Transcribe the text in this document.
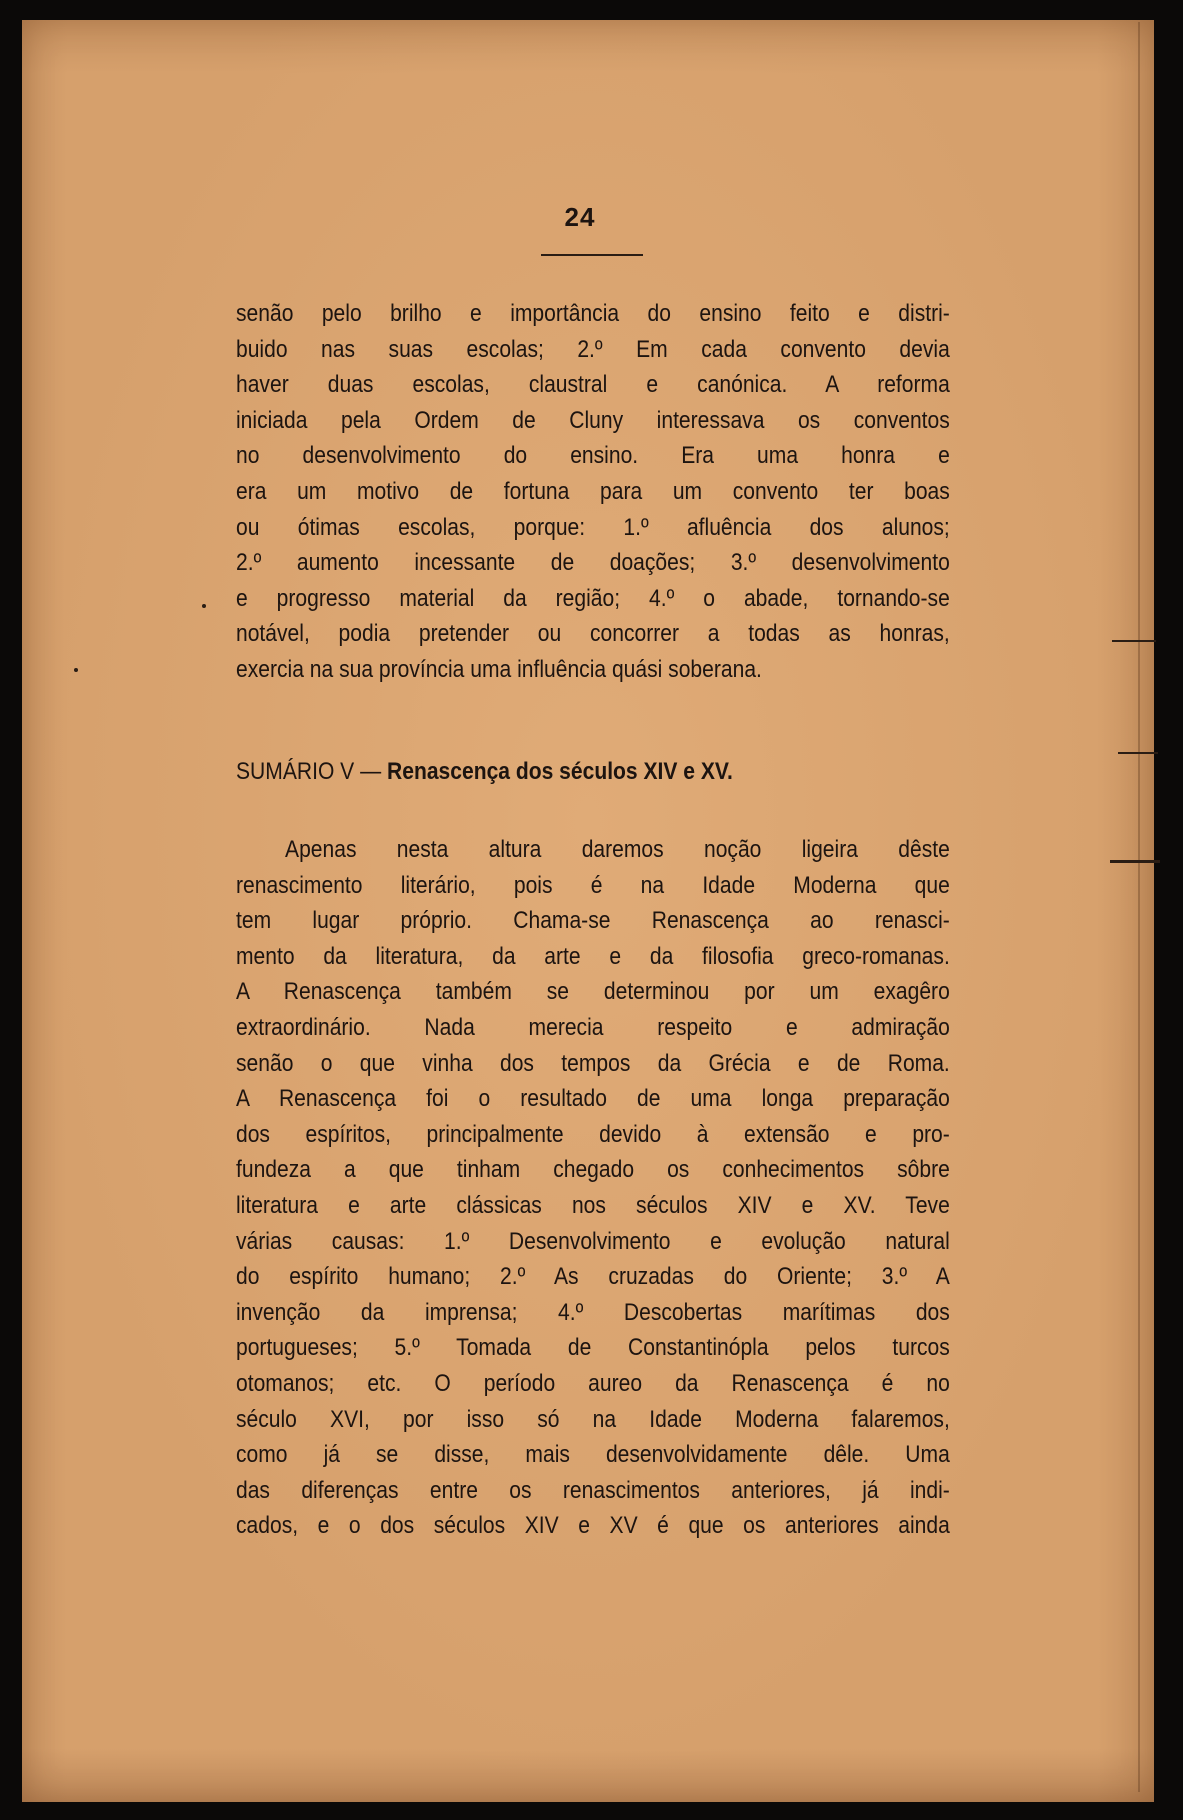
24
senão pelo brilho e importância do ensino feito e distri-
buido nas suas escolas; 2.º Em cada convento devia
haver duas escolas, claustral e canónica. A reforma
iniciada pela Ordem de Cluny interessava os conventos
no desenvolvimento do ensino. Era uma honra e
era um motivo de fortuna para um convento ter boas
ou ótimas escolas, porque: 1.º afluência dos alunos;
2.º aumento incessante de doações; 3.º desenvolvimento
e progresso material da região; 4.º o abade, tornando-se
notável, podia pretender ou concorrer a todas as honras,
exercia na sua província uma influência quási soberana.
SUMÁRIO V — Renascença dos séculos XIV e XV.
Apenas nesta altura daremos noção ligeira dêste
renascimento literário, pois é na Idade Moderna que
tem lugar próprio. Chama-se Renascença ao renasci-
mento da literatura, da arte e da filosofia greco-romanas.
A Renascença também se determinou por um exagêro
extraordinário. Nada merecia respeito e admiração
senão o que vinha dos tempos da Grécia e de Roma.
A Renascença foi o resultado de uma longa preparação
dos espíritos, principalmente devido à extensão e pro-
fundeza a que tinham chegado os conhecimentos sôbre
literatura e arte clássicas nos séculos XIV e XV. Teve
várias causas: 1.º Desenvolvimento e evolução natural
do espírito humano; 2.º As cruzadas do Oriente; 3.º A
invenção da imprensa; 4.º Descobertas marítimas dos
portugueses; 5.º Tomada de Constantinópla pelos turcos
otomanos; etc. O período aureo da Renascença é no
século XVI, por isso só na Idade Moderna falaremos,
como já se disse, mais desenvolvidamente dêle. Uma
das diferenças entre os renascimentos anteriores, já indi-
cados, e o dos séculos XIV e XV é que os anteriores ainda
